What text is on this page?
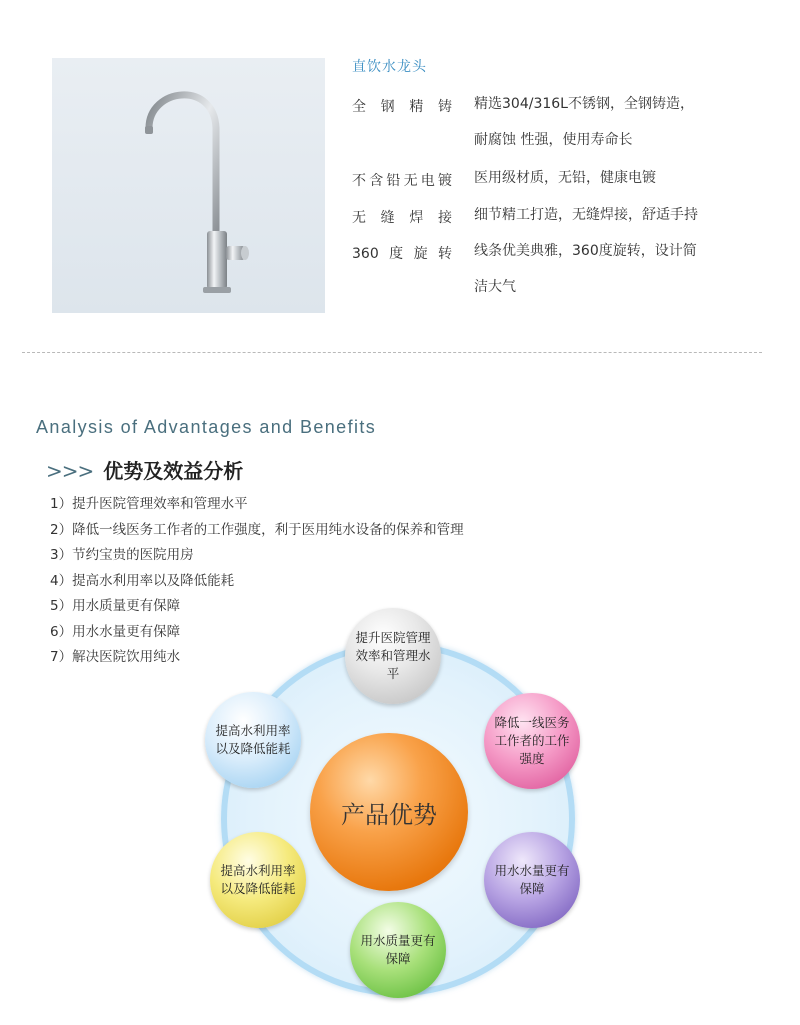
直饮水龙头
全钢精铸 精选304/316L不锈钢，全钢铸造，
耐腐蚀 性强，使用寿命长
不含铅无电镀 医用级材质，无铅，健康电镀
无缝焊接 细节精工打造，无缝焊接，舒适手持
360度旋转 线条优美典雅，360度旋转，设计简
洁大气
Analysis of Advantages and Benefits
>>> 优势及效益分析
1）提升医院管理效率和管理水平
2）降低一线医务工作者的工作强度，利于医用纯水设备的保养和管理
3）节约宝贵的医院用房
4）提高水利用率以及降低能耗
5）用水质量更有保障
6）用水水量更有保障
7）解决医院饮用纯水
产品优势
提升医院管理效率和管理水平
降低一线医务工作者的工作强度
用水水量更有保障
用水质量更有保障
提高水利用率以及降低能耗
提高水利用率以及降低能耗
